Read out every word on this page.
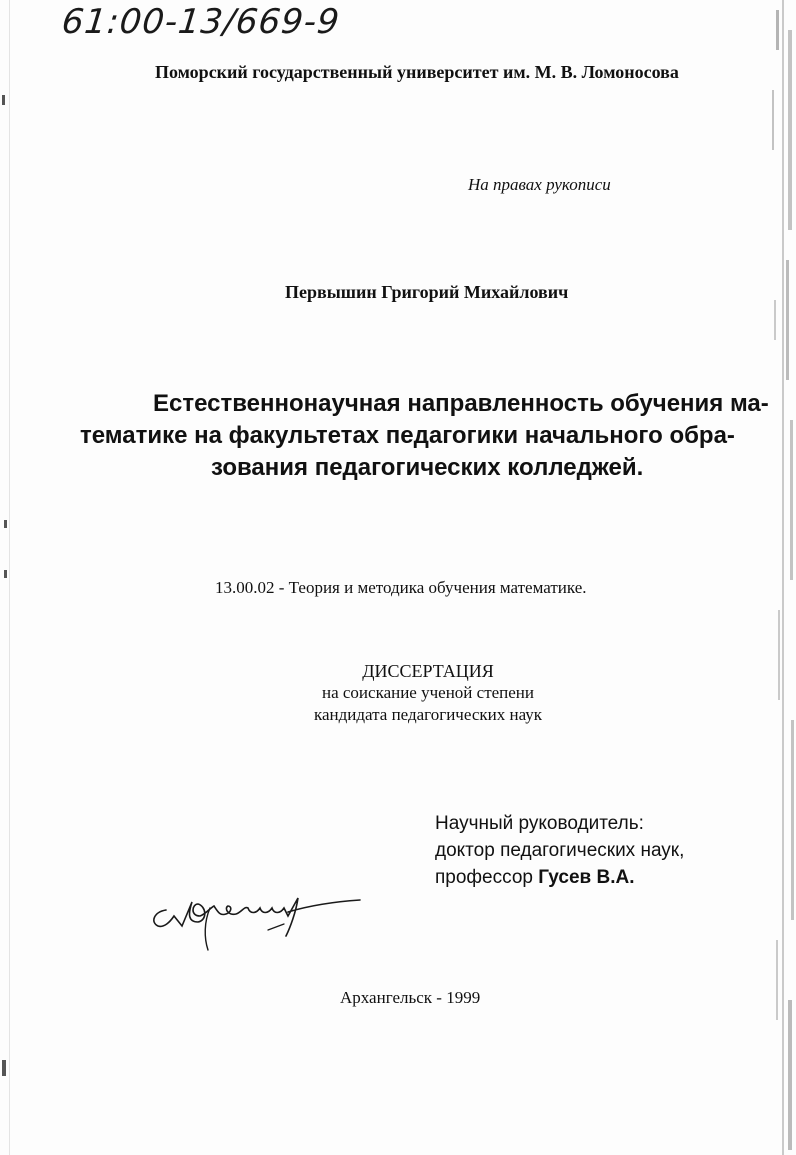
61:00-13/669-9
Поморский государственный университет им. М. В. Ломоносова
На правах рукописи
Первышин Григорий Михайлович
Естественнонаучная направленность обучения ма-
тематике на факультетах педагогики начального обра-
зования педагогических колледжей.
13.00.02 - Теория и методика обучения математике.
ДИССЕРТАЦИЯ
на соискание ученой степени
кандидата педагогических наук
Научный руководитель:
доктор педагогических наук,
профессор Гусев В.А.
Архангельск - 1999
